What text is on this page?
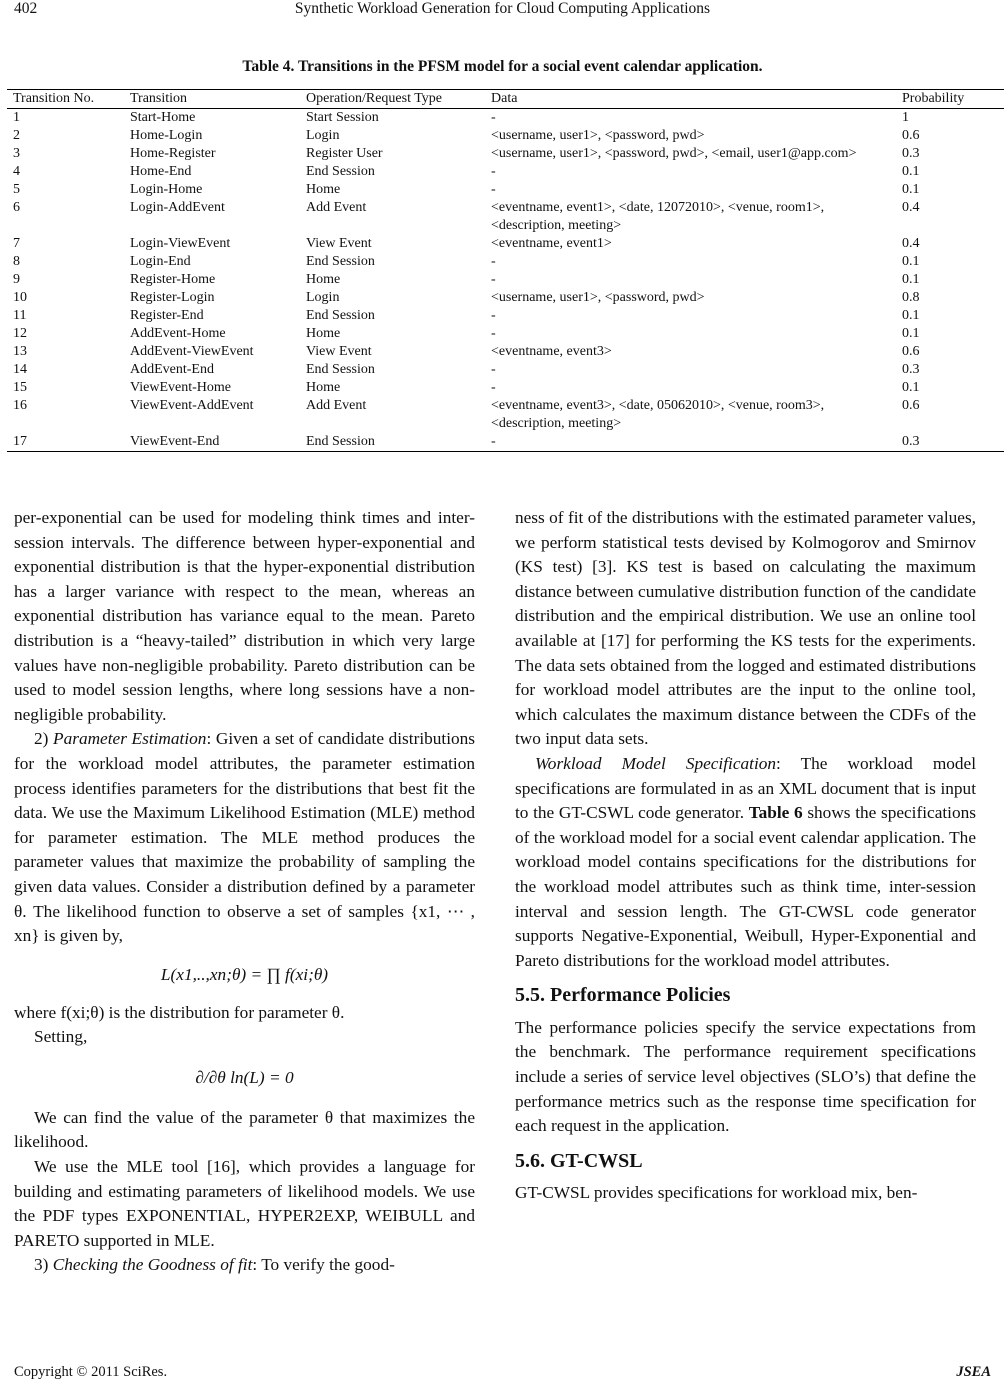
402	Synthetic Workload Generation for Cloud Computing Applications
Table 4. Transitions in the PFSM model for a social event calendar application.
Transition No.	Transition	Operation/Request Type	Data	Probability
1	Start-Home	Start Session	-	1
2	Home-Login	Login	<username, user1>, <password, pwd>	0.6
3	Home-Register	Register User	<username, user1>, <password, pwd>, <email, user1@app.com>	0.3
4	Home-End	End Session	-	0.1
5	Login-Home	Home	-	0.1
6	Login-AddEvent	Add Event	<eventname, event1>, <date, 12072010>, <venue, room1>, <description, meeting>	0.4
7	Login-ViewEvent	View Event	<eventname, event1>	0.4
8	Login-End	End Session	-	0.1
9	Register-Home	Home	-	0.1
10	Register-Login	Login	<username, user1>, <password, pwd>	0.8
11	Register-End	End Session	-	0.1
12	AddEvent-Home	Home	-	0.1
13	AddEvent-ViewEvent	View Event	<eventname, event3>	0.6
14	AddEvent-End	End Session	-	0.3
15	ViewEvent-Home	Home	-	0.1
16	ViewEvent-AddEvent	Add Event	<eventname, event3>, <date, 05062010>, <venue, room3>, <description, meeting>	0.6
17	ViewEvent-End	End Session	-	0.3

per-exponential can be used for modeling think times and inter-session intervals. The difference between hyper-exponential and exponential distribution is that the hyper-exponential distribution has a larger variance with respect to the mean, whereas an exponential distribution has variance equal to the mean. Pareto distribution is a “heavy-tailed” distribution in which very large values have non-negligible probability. Pareto distribution can be used to model session lengths, where long sessions have a non-negligible probability.

2) Parameter Estimation: Given a set of candidate distributions for the workload model attributes, the parameter estimation process identifies parameters for the distributions that best fit the data. We use the Maximum Likelihood Estimation (MLE) method for parameter estimation. The MLE method produces the parameter values that maximize the probability of sampling the given data values. Consider a distribution defined by a parameter θ. The likelihood function to observe a set of samples {x1, ⋯ , xn} is given by,

L(x1,..,xn;θ) = ∏ f(xi;θ)

where f(xi;θ) is the distribution for parameter θ.

Setting,

∂/∂θ ln(L) = 0

We can find the value of the parameter θ that maximizes the likelihood.

We use the MLE tool [16], which provides a language for building and estimating parameters of likelihood models. We use the PDF types EXPONENTIAL, HYPER2EXP, WEIBULL and PARETO supported in MLE.

3) Checking the Goodness of fit: To verify the good-

ness of fit of the distributions with the estimated parameter values, we perform statistical tests devised by Kolmogorov and Smirnov (KS test) [3]. KS test is based on calculating the maximum distance between cumulative distribution function of the candidate distribution and the empirical distribution. We use an online tool available at [17] for performing the KS tests for the experiments. The data sets obtained from the logged and estimated distributions for workload model attributes are the input to the online tool, which calculates the maximum distance between the CDFs of the two input data sets.

Workload Model Specification: The workload model specifications are formulated in as an XML document that is input to the GT-CSWL code generator. Table 6 shows the specifications of the workload model for a social event calendar application. The workload model contains specifications for the distributions for the workload model attributes such as think time, inter-session interval and session length. The GT-CWSL code generator supports Negative-Exponential, Weibull, Hyper-Exponential and Pareto distributions for the workload model attributes.

5.5. Performance Policies

The performance policies specify the service expectations from the benchmark. The performance requirement specifications include a series of service level objectives (SLO’s) that define the performance metrics such as the response time specification for each request in the application.

5.6. GT-CWSL

GT-CWSL provides specifications for workload mix, ben-

Copyright © 2011 SciRes.	JSEA
